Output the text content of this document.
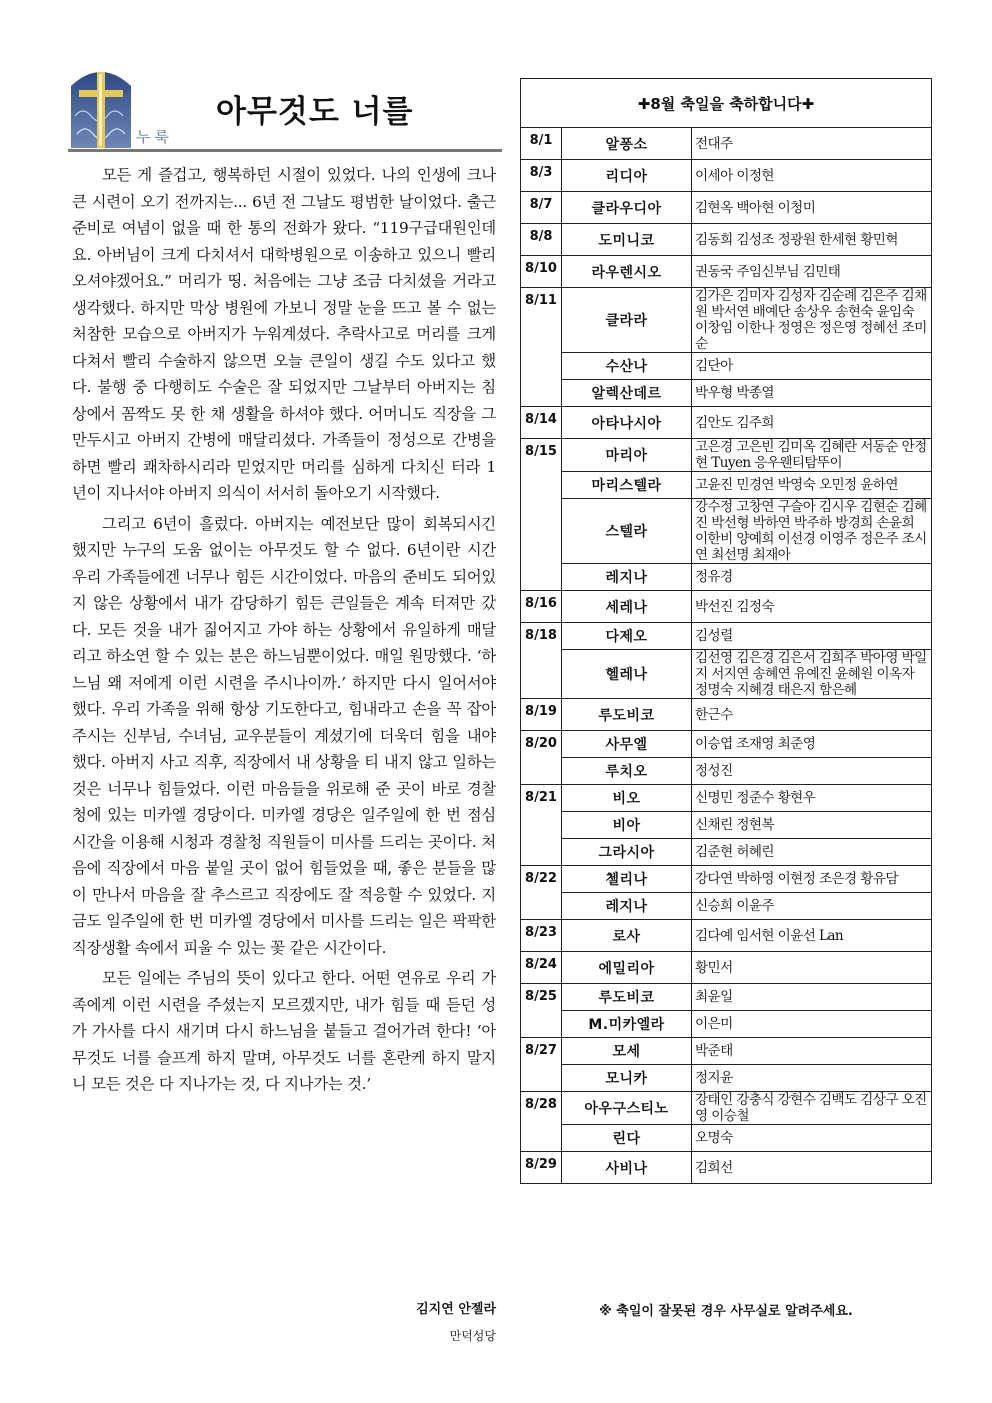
아무것도 너를
누룩

모든 게 즐겁고, 행복하던 시절이 있었다. 나의 인생에 크나큰 시련이 오기 전까지는... 6년 전 그날도 평범한 날이었다. 출근 준비로 여념이 없을 때 한 통의 전화가 왔다. “119구급대원인데요. 아버님이 크게 다치셔서 대학병원으로 이송하고 있으니 빨리 오셔야겠어요.” 머리가 띵. 처음에는 그냥 조금 다치셨을 거라고 생각했다. 하지만 막상 병원에 가보니 정말 눈을 뜨고 볼 수 없는 처참한 모습으로 아버지가 누워계셨다. 추락사고로 머리를 크게 다쳐서 빨리 수술하지 않으면 오늘 큰일이 생길 수도 있다고 했다. 불행 중 다행히도 수술은 잘 되었지만 그날부터 아버지는 침상에서 꼼짝도 못 한 채 생활을 하셔야 했다. 어머니도 직장을 그만두시고 아버지 간병에 매달리셨다. 가족들이 정성으로 간병을 하면 빨리 쾌차하시리라 믿었지만 머리를 심하게 다치신 터라 1년이 지나서야 아버지 의식이 서서히 돌아오기 시작했다.

그리고 6년이 흘렀다. 아버지는 예전보단 많이 회복되시긴 했지만 누구의 도움 없이는 아무것도 할 수 없다. 6년이란 시간 우리 가족들에겐 너무나 힘든 시간이었다. 마음의 준비도 되어있지 않은 상황에서 내가 감당하기 힘든 큰일들은 계속 터져만 갔다. 모든 것을 내가 짊어지고 가야 하는 상황에서 유일하게 매달리고 하소연 할 수 있는 분은 하느님뿐이었다. 매일 원망했다. ‘하느님 왜 저에게 이런 시련을 주시나이까.’ 하지만 다시 일어서야 했다. 우리 가족을 위해 항상 기도한다고, 힘내라고 손을 꼭 잡아주시는 신부님, 수녀님, 교우분들이 계셨기에 더욱더 힘을 내야 했다. 아버지 사고 직후, 직장에서 내 상황을 티 내지 않고 일하는 것은 너무나 힘들었다. 이런 마음들을 위로해 준 곳이 바로 경찰청에 있는 미카엘 경당이다. 미카엘 경당은 일주일에 한 번 점심시간을 이용해 시청과 경찰청 직원들이 미사를 드리는 곳이다. 처음에 직장에서 마음 붙일 곳이 없어 힘들었을 때, 좋은 분들을 많이 만나서 마음을 잘 추스르고 직장에도 잘 적응할 수 있었다. 지금도 일주일에 한 번 미카엘 경당에서 미사를 드리는 일은 팍팍한 직장생활 속에서 피울 수 있는 꽃 같은 시간이다.

모든 일에는 주님의 뜻이 있다고 한다. 어떤 연유로 우리 가족에게 이런 시련을 주셨는지 모르겠지만, 내가 힘들 때 듣던 성가 가사를 다시 새기며 다시 하느님을 붙들고 걸어가려 한다! ‘아무것도 너를 슬프게 하지 말며, 아무것도 너를 혼란케 하지 말지니 모든 것은 다 지나가는 것, 다 지나가는 것.’

김지연 안젤라
만덕성당
✚8월 축일을 축하합니다✚		
8/1	알퐁소	전대주
8/3	리디아	이세아 이정현
8/7	클라우디아	김현옥 백아현 이청미
8/8	도미니코	김동희 김성조 정광원 한세현 황민혁
8/10	라우렌시오	권동국 주임신부님 김민태
8/11	클라라	김가은 김미자 김성자 김순례 김은주 김채원 박서연 배예단 송상우 송현숙 윤임숙 이창임 이한나 정영은 정은영 정혜선 조미순
	수산나	김단아
	알렉산데르	박우형 박종열
8/14	아타나시아	김안도 김주희
8/15	마리아	고은경 고은빈 김미옥 김혜란 서동순 안정현 Tuyen 응우웬티탐뚜이
	마리스텔라	고윤진 민경연 박영숙 오민정 윤하연
	스텔라	강수정 고창연 구슬아 김시우 김현순 김혜진 박선형 박하연 박주하 방경희 손윤희 이한비 양예희 이선경 이영주 정은주 조시연 최선명 최재아
	레지나	정유경
8/16	세레나	박선진 김정숙
8/18	다제오	김성렬
	헬레나	김선영 김은경 김은서 김희주 박아영 박일지 서지연 송혜연 유예진 윤혜원 이옥자 정명숙 지혜경 태은지 함은혜
8/19	루도비코	한근수
8/20	사무엘	이승엽 조재영 최준영
	루치오	정성진
8/21	비오	신명민 정준수 황현우
	비아	신채린 정현복
	그라시아	김준현 허혜린
8/22	첼리나	강다연 박하영 이현정 조은경 황유담
	레지나	신승희 이윤주
8/23	로사	김다예 임서현 이윤선 Lan
8/24	에밀리아	황민서
8/25	루도비코	최윤일
	M.미카엘라	이은미
8/27	모세	박준태
	모니카	정지윤
8/28	아우구스티노	강태인 강충식 강현수 김백도 김상구 오진영 이승철
	린다	오명숙
8/29	사비나	김희선
※ 축일이 잘못된 경우 사무실로 알려주세요.
